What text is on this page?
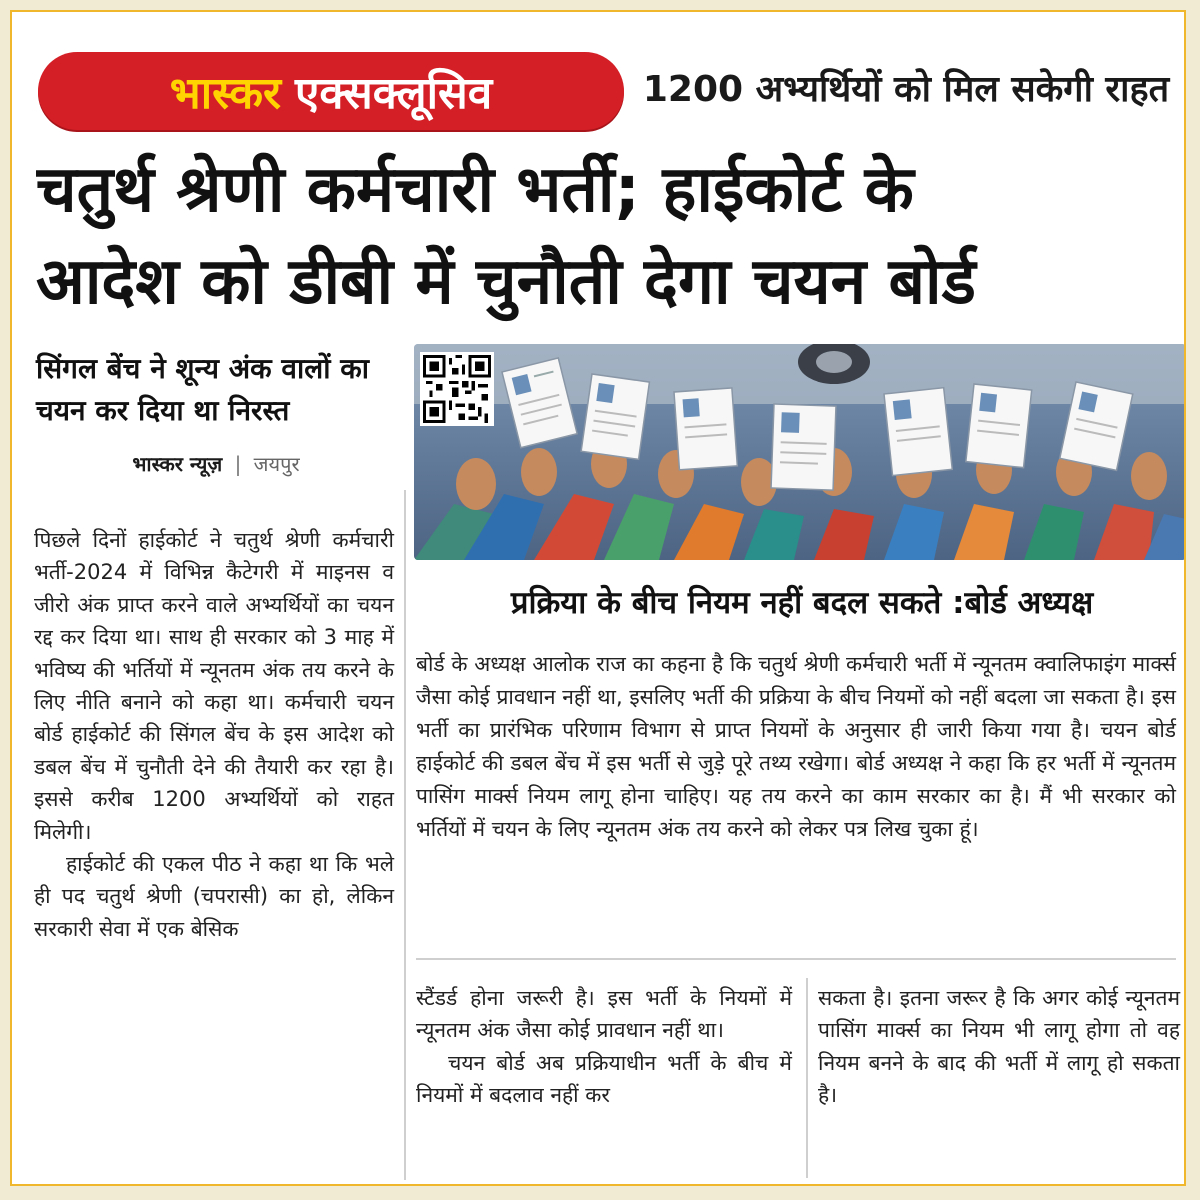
भास्कर एक्सक्लूसिव	1200 अभ्यर्थियों को मिल सकेगी राहत
चतुर्थ श्रेणी कर्मचारी भर्ती; हाईकोर्ट के
आदेश को डीबी में चुनौती देगा चयन बोर्ड
सिंगल बेंच ने शून्य अंक वालों का चयन कर दिया था निरस्त
भास्कर न्यूज़ | जयपुर
प्रक्रिया के बीच नियम नहीं बदल सकते :बोर्ड अध्यक्ष

पिछले दिनों हाईकोर्ट ने चतुर्थ श्रेणी कर्मचारी भर्ती-2024 में विभिन्न कैटेगरी में माइनस व जीरो अंक प्राप्त करने वाले अभ्यर्थियों का चयन रद्द कर दिया था। साथ ही सरकार को 3 माह में भविष्य की भर्तियों में न्यूनतम अंक तय करने के लिए नीति बनाने को कहा था। कर्मचारी चयन बोर्ड हाईकोर्ट की सिंगल बेंच के इस आदेश को डबल बेंच में चुनौती देने की तैयारी कर रहा है। इससे करीब 1200 अभ्यर्थियों को राहत मिलेगी।

हाईकोर्ट की एकल पीठ ने कहा था कि भले ही पद चतुर्थ श्रेणी (चपरासी) का हो, लेकिन सरकारी सेवा में एक बेसिक

बोर्ड के अध्यक्ष आलोक राज का कहना है कि चतुर्थ श्रेणी कर्मचारी भर्ती में न्यूनतम क्वालिफाइंग मार्क्स जैसा कोई प्रावधान नहीं था, इसलिए भर्ती की प्रक्रिया के बीच नियमों को नहीं बदला जा सकता है। इस भर्ती का प्रारंभिक परिणाम विभाग से प्राप्त नियमों के अनुसार ही जारी किया गया है। चयन बोर्ड हाईकोर्ट की डबल बेंच में इस भर्ती से जुड़े पूरे तथ्य रखेगा। बोर्ड अध्यक्ष ने कहा कि हर भर्ती में न्यूनतम पासिंग मार्क्स नियम लागू होना चाहिए। यह तय करने का काम सरकार का है। मैं भी सरकार को भर्तियों में चयन के लिए न्यूनतम अंक तय करने को लेकर पत्र लिख चुका हूं।

स्टैंडर्ड होना जरूरी है। इस भर्ती के नियमों में न्यूनतम अंक जैसा कोई प्रावधान नहीं था।

चयन बोर्ड अब प्रक्रियाधीन भर्ती के बीच में नियमों में बदलाव नहीं कर

सकता है। इतना जरूर है कि अगर कोई न्यूनतम पासिंग मार्क्स का नियम भी लागू होगा तो वह नियम बनने के बाद की भर्ती में लागू हो सकता है।
